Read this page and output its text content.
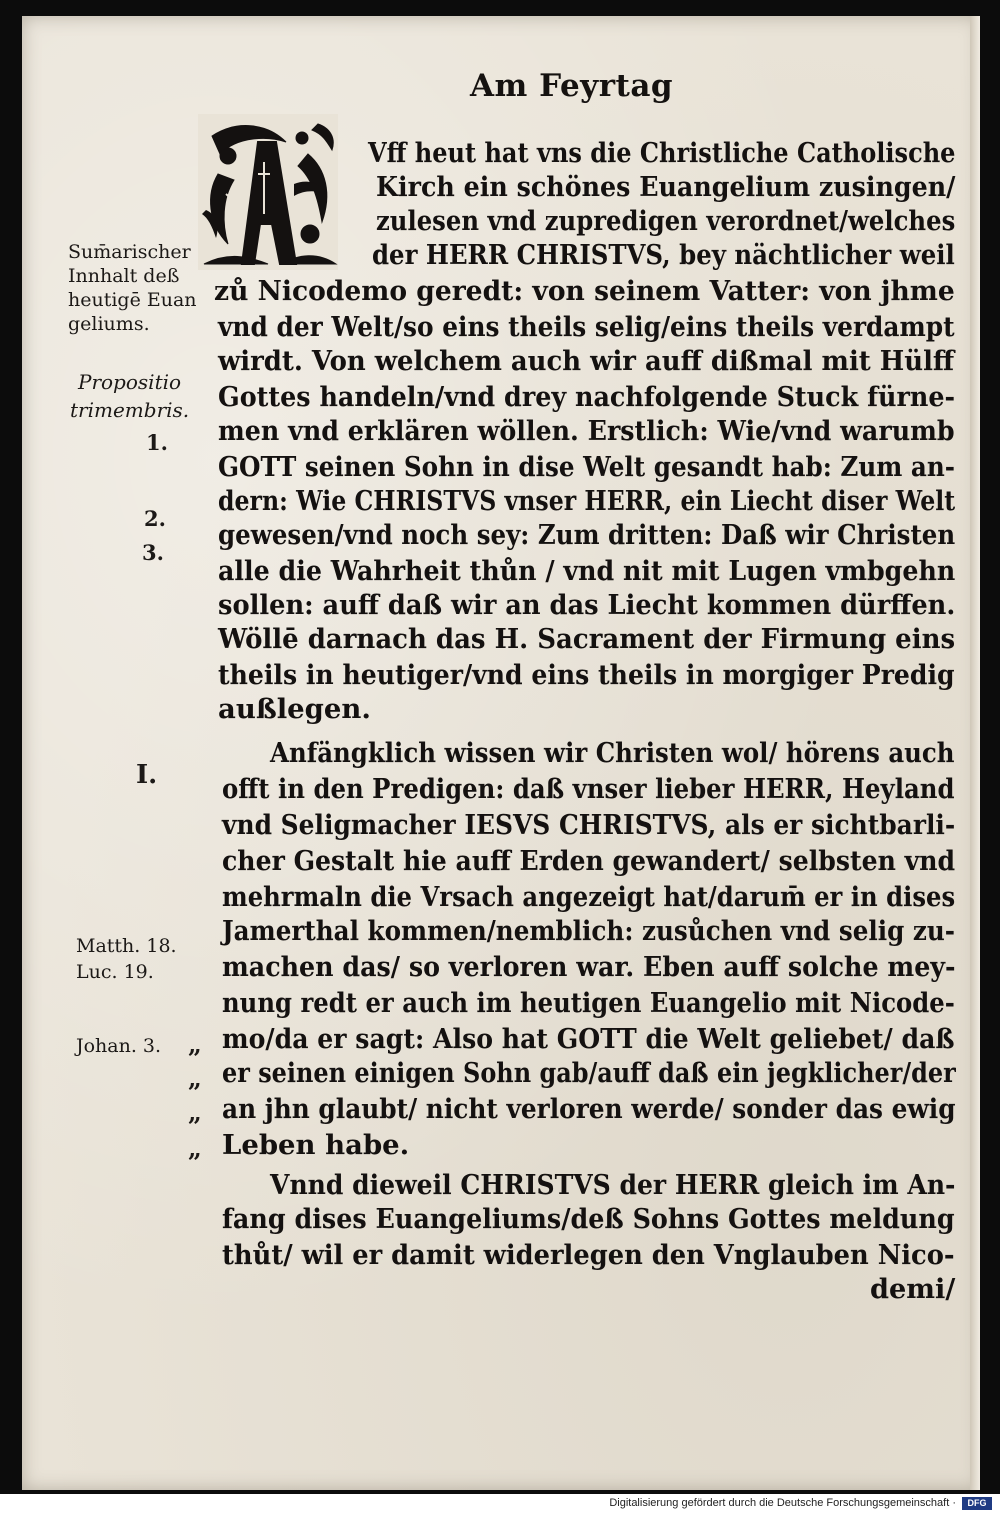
Am Feyrtag
Vff heut hat vns die Christliche Catholische
Kirch ein schönes Euangelium zusingen/
zulesen vnd zupredigen verordnet/welches
der HERR CHRISTVS, bey nächtlicher weil
zů Nicodemo geredt: von seinem Vatter: von jhme
vnd der Welt/so eins theils selig/eins theils verdampt
wirdt. Von welchem auch wir auff dißmal mit Hülff
Gottes handeln/vnd drey nachfolgende Stuck fürne-
men vnd erklären wöllen. Erstlich: Wie/vnd warumb
GOTT seinen Sohn in dise Welt gesandt hab: Zum an-
dern: Wie CHRISTVS vnser HERR, ein Liecht diser Welt
gewesen/vnd noch sey: Zum dritten: Daß wir Christen
alle die Wahrheit thůn / vnd nit mit Lugen vmbgehn
sollen: auff daß wir an das Liecht kommen dürffen.
Wöllē darnach das H. Sacrament der Firmung eins
theils in heutiger/vnd eins theils in morgiger Predig
außlegen.
Anfängklich wissen wir Christen wol/ hörens auch
offt in den Predigen: daß vnser lieber HERR, Heyland
vnd Seligmacher IESVS CHRISTVS, als er sichtbarli-
cher Gestalt hie auff Erden gewandert/ selbsten vnd
mehrmaln die Vrsach angezeigt hat/darum̄ er in dises
Jamerthal kommen/nemblich: zusůchen vnd selig zu-
machen das/ so verloren war. Eben auff solche mey-
nung redt er auch im heutigen Euangelio mit Nicode-
mo/da er sagt: Also hat GOTT die Welt geliebet/ daß
er seinen einigen Sohn gab/auff daß ein jegklicher/der
an jhn glaubt/ nicht verloren werde/ sonder das ewig
Leben habe.
Vnnd dieweil CHRISTVS der HERR gleich im An-
fang dises Euangeliums/deß Sohns Gottes meldung
thůt/ wil er damit widerlegen den Vnglauben Nico-
demi/
Sum̄arischer
Innhalt deß
heutigē Euan
geliums.
Propositio
trimembris.
1.
2.
3.
I.
Matth. 18.
Luc. 19.
Johan. 3. „
„
„
„
Digitalisierung gefördert durch die Deutsche Forschungsgemeinschaft ·	DFG
